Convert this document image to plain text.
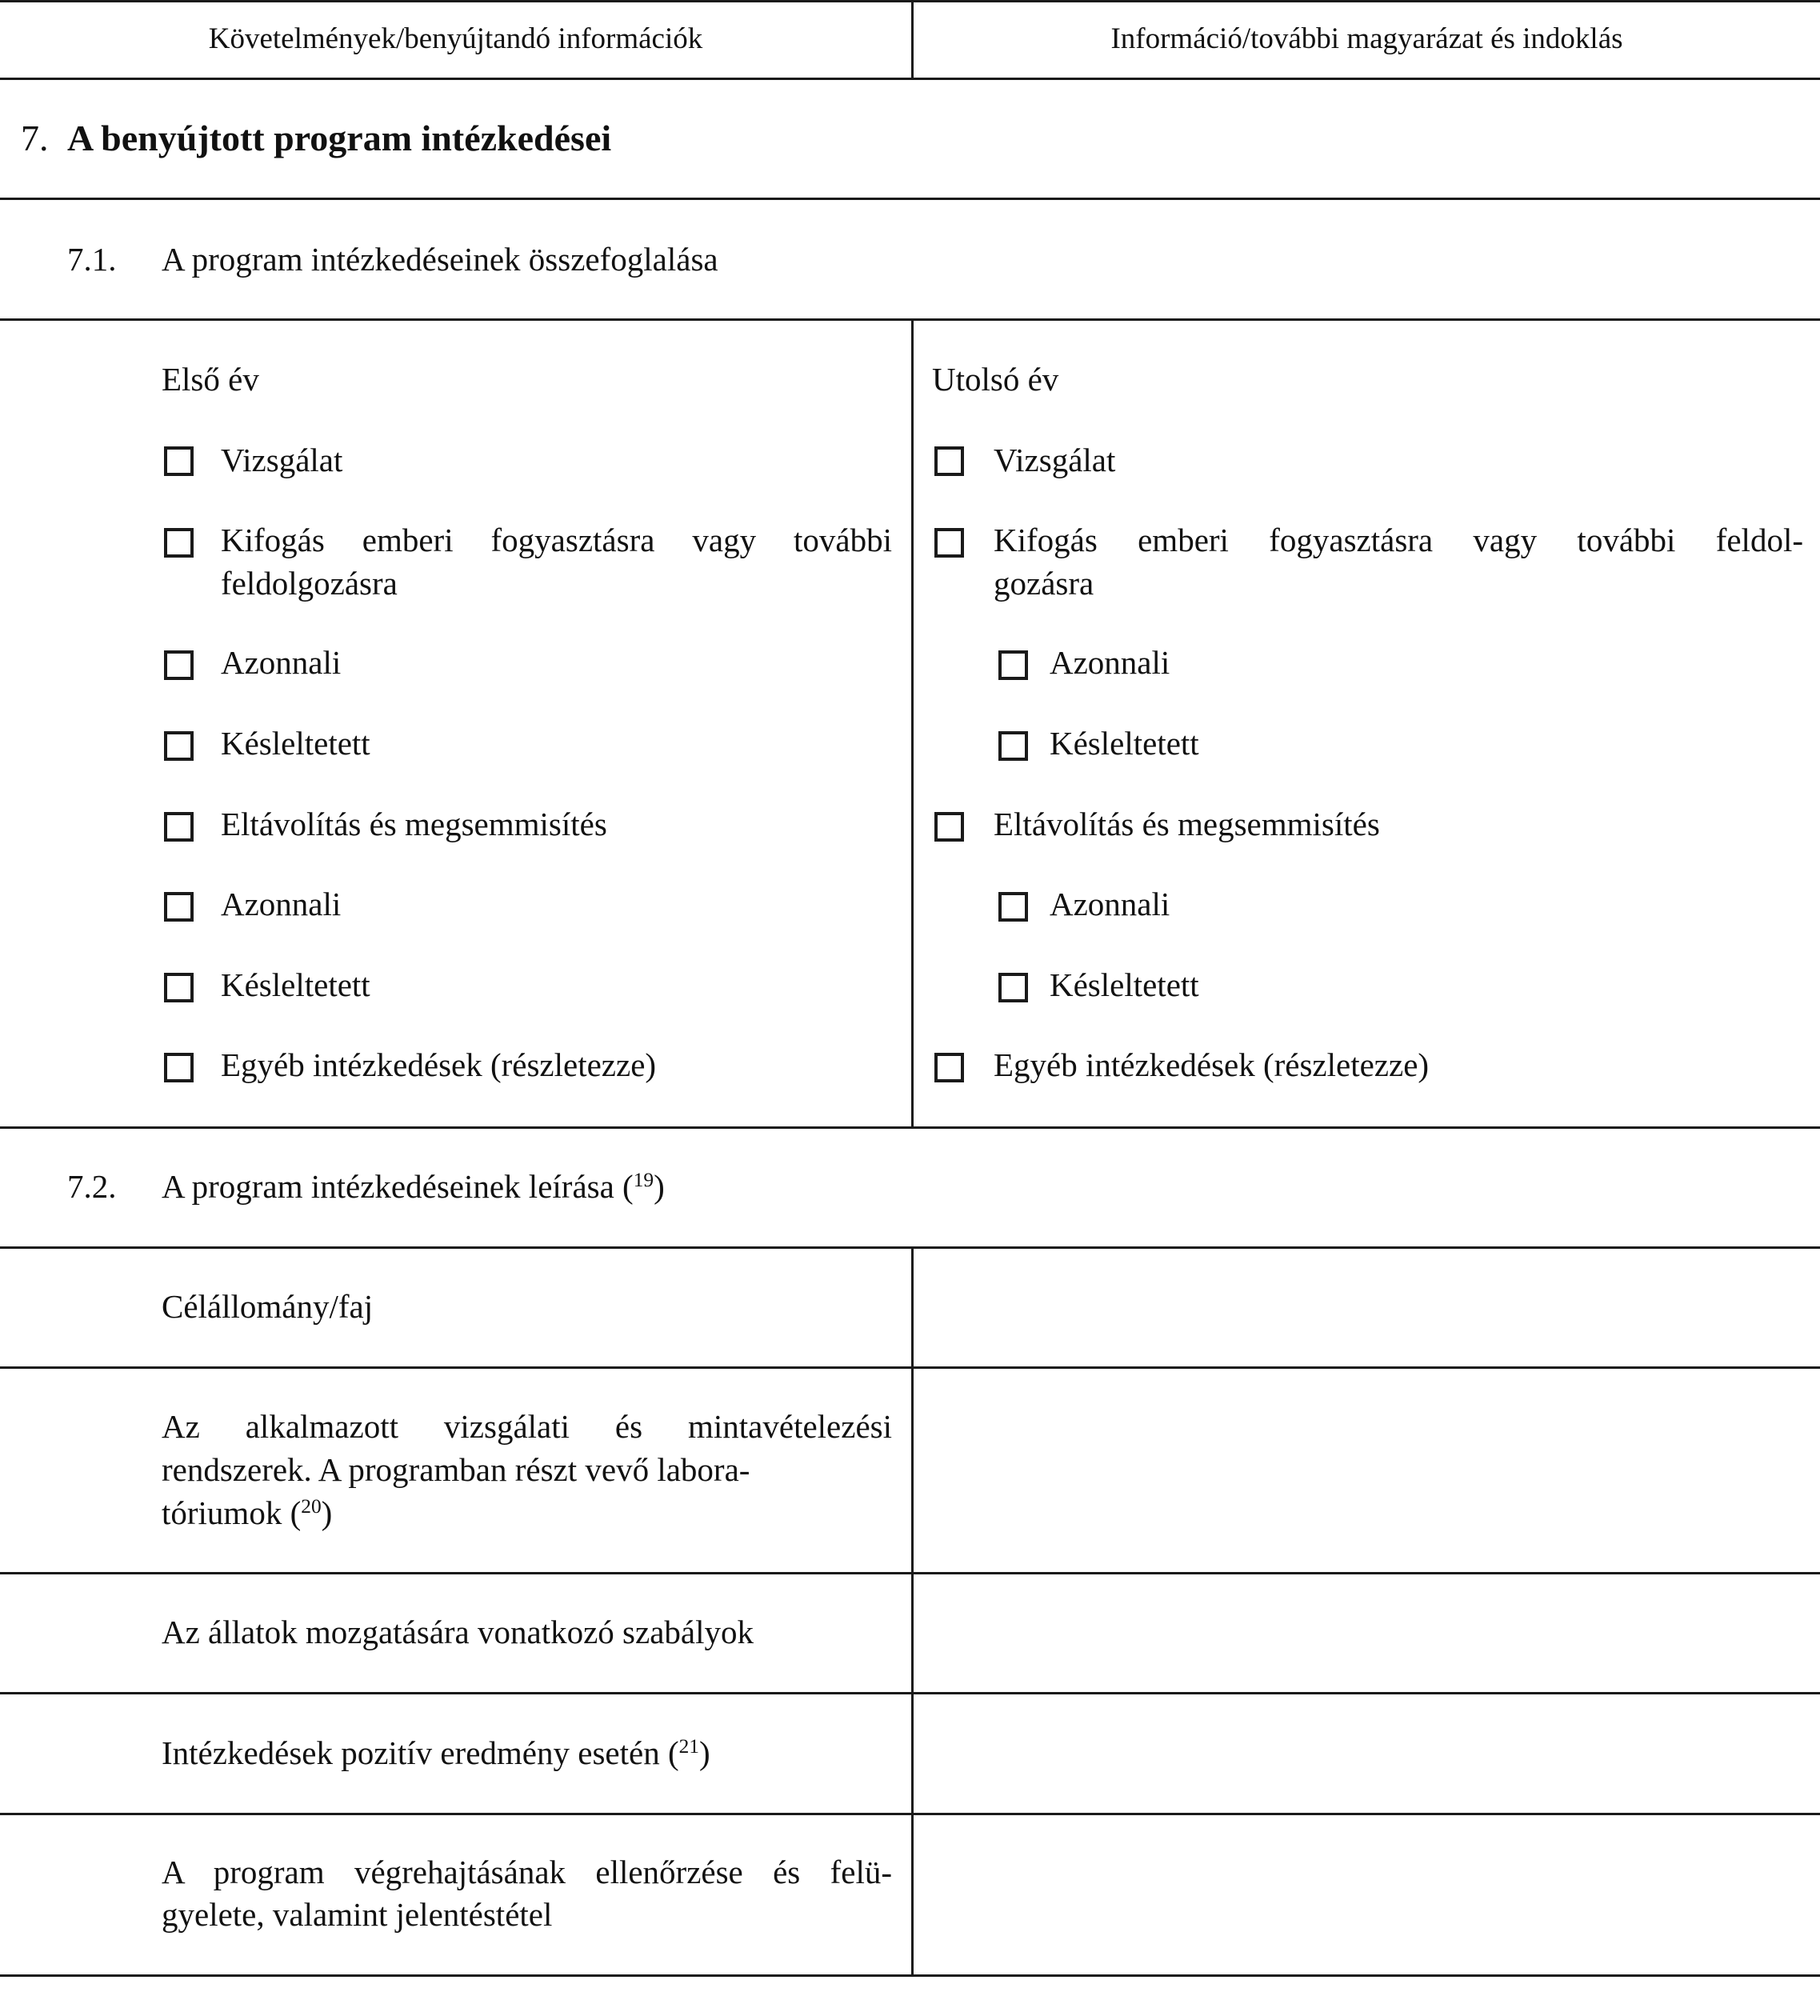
Követelmények/benyújtandó információk	Információ/további magyarázat és indoklás
7. A benyújtott program intézkedései
7.1. A program intézkedéseinek összefoglalása
Első év
Vizsgálat
Kifogás emberi fogyasztásra vagy további feldolgozásra
Azonnali
Késleltetett
Eltávolítás és megsemmisítés
Azonnali
Késleltetett
Egyéb intézkedések (részletezze)
Utolsó év
Vizsgálat
Kifogás emberi fogyasztásra vagy további feldol-
gozásra
Azonnali
Késleltetett
Eltávolítás és megsemmisítés
Azonnali
Késleltetett
Egyéb intézkedések (részletezze)
7.2. A program intézkedéseinek leírása ($^{19}$)
Célállomány/faj
Az alkalmazott vizsgálati és mintavételezési rendszerek. A programban részt vevő labora-
tóriumok ($^{20}$)
Az állatok mozgatására vonatkozó szabályok
Intézkedések pozitív eredmény esetén ($^{21}$)
A program végrehajtásának ellenőrzése és felü-
gyelete, valamint jelentéstétel
